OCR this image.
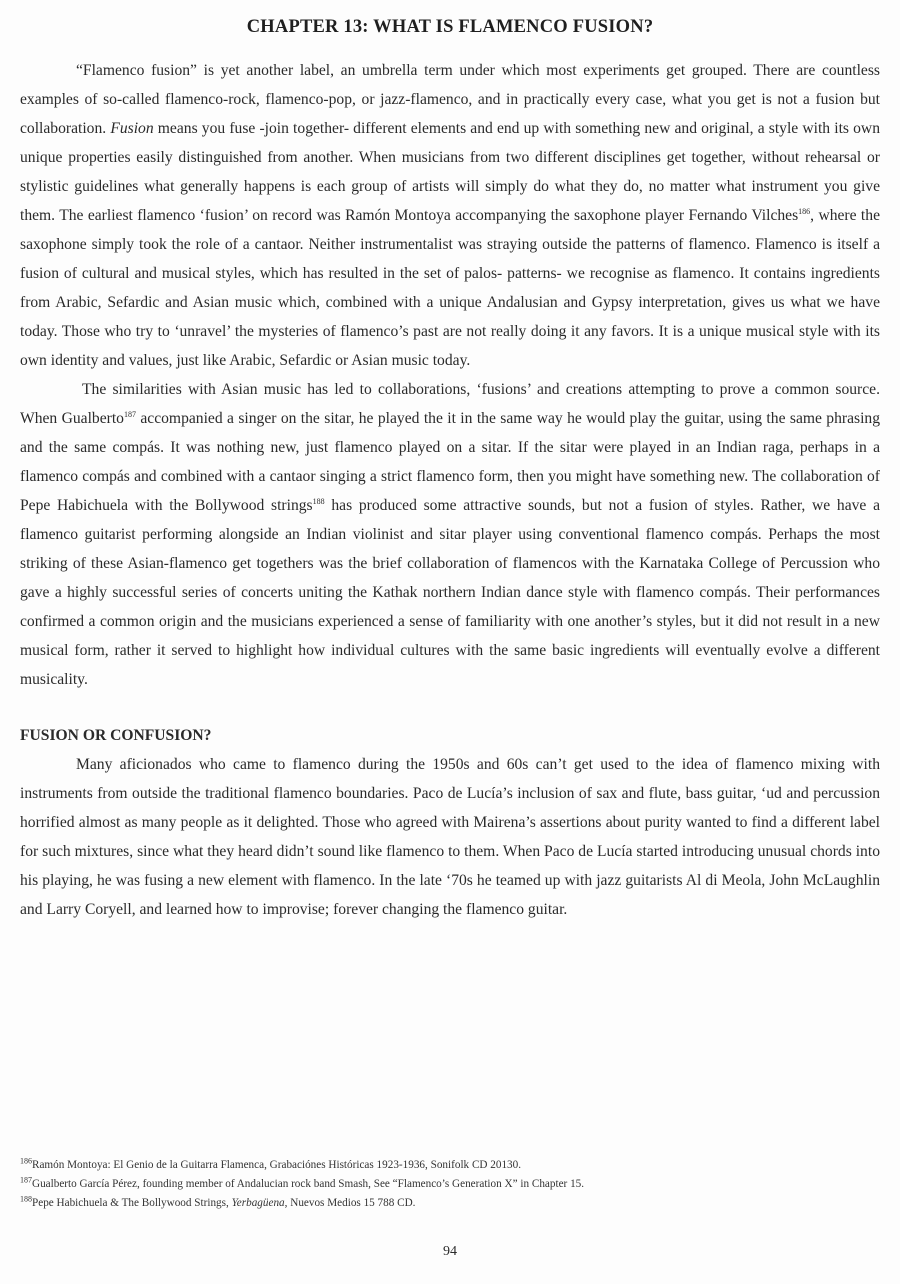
CHAPTER 13: WHAT IS FLAMENCO FUSION?

“Flamenco fusion” is yet another label, an umbrella term under which most experiments get grouped. There are countless examples of so-called flamenco-rock, flamenco-pop, or jazz-flamenco, and in practically every case, what you get is not a fusion but collaboration. Fusion means you fuse -join together- different elements and end up with something new and original, a style with its own unique properties easily distinguished from another. When musicians from two different disciplines get together, without rehearsal or stylistic guidelines what generally happens is each group of artists will simply do what they do, no matter what instrument you give them. The earliest flamenco ‘fusion’ on record was Ramón Montoya accompanying the saxophone player Fernando Vilches$^{186}$, where the saxophone simply took the role of a cantaor. Neither instrumentalist was straying outside the patterns of flamenco. Flamenco is itself a fusion of cultural and musical styles, which has resulted in the set of palos- patterns- we recognise as flamenco. It contains ingredients from Arabic, Sefardic and Asian music which, combined with a unique Andalusian and Gypsy interpretation, gives us what we have today. Those who try to ‘unravel’ the mysteries of flamenco’s past are not really doing it any favors. It is a unique musical style with its own identity and values, just like Arabic, Sefardic or Asian music today.

The similarities with Asian music has led to collaborations, ‘fusions’ and creations attempting to prove a common source. When Gualberto$^{187}$ accompanied a singer on the sitar, he played the it in the same way he would play the guitar, using the same phrasing and the same compás. It was nothing new, just flamenco played on a sitar. If the sitar were played in an Indian raga, perhaps in a flamenco compás and combined with a cantaor singing a strict flamenco form, then you might have something new. The collaboration of Pepe Habichuela with the Bollywood strings$^{188}$ has produced some attractive sounds, but not a fusion of styles. Rather, we have a flamenco guitarist performing alongside an Indian violinist and sitar player using conventional flamenco compás. Perhaps the most striking of these Asian-flamenco get togethers was the brief collaboration of flamencos with the Karnataka College of Percussion who gave a highly successful series of concerts uniting the Kathak northern Indian dance style with flamenco compás. Their performances confirmed a common origin and the musicians experienced a sense of familiarity with one another’s styles, but it did not result in a new musical form, rather it served to highlight how individual cultures with the same basic ingredients will eventually evolve a different musicality.

FUSION OR CONFUSION?

Many aficionados who came to flamenco during the 1950s and 60s can’t get used to the idea of flamenco mixing with instruments from outside the traditional flamenco boundaries. Paco de Lucía’s inclusion of sax and flute, bass guitar, ‘ud and percussion horrified almost as many people as it delighted. Those who agreed with Mairena’s assertions about purity wanted to find a different label for such mixtures, since what they heard didn’t sound like flamenco to them. When Paco de Lucía started introducing unusual chords into his playing, he was fusing a new element with flamenco. In the late ‘70s he teamed up with jazz guitarists Al di Meola, John McLaughlin and Larry Coryell, and learned how to improvise; forever changing the flamenco guitar.

$^{186}$Ramón Montoya: El Genio de la Guitarra Flamenca, Grabaciónes Históricas 1923-1936, Sonifolk CD 20130.

$^{187}$Gualberto García Pérez, founding member of Andalucian rock band Smash, See “Flamenco’s Generation X” in Chapter 15.

$^{188}$Pepe Habichuela & The Bollywood Strings, Yerbagüena, Nuevos Medios 15 788 CD.

94
